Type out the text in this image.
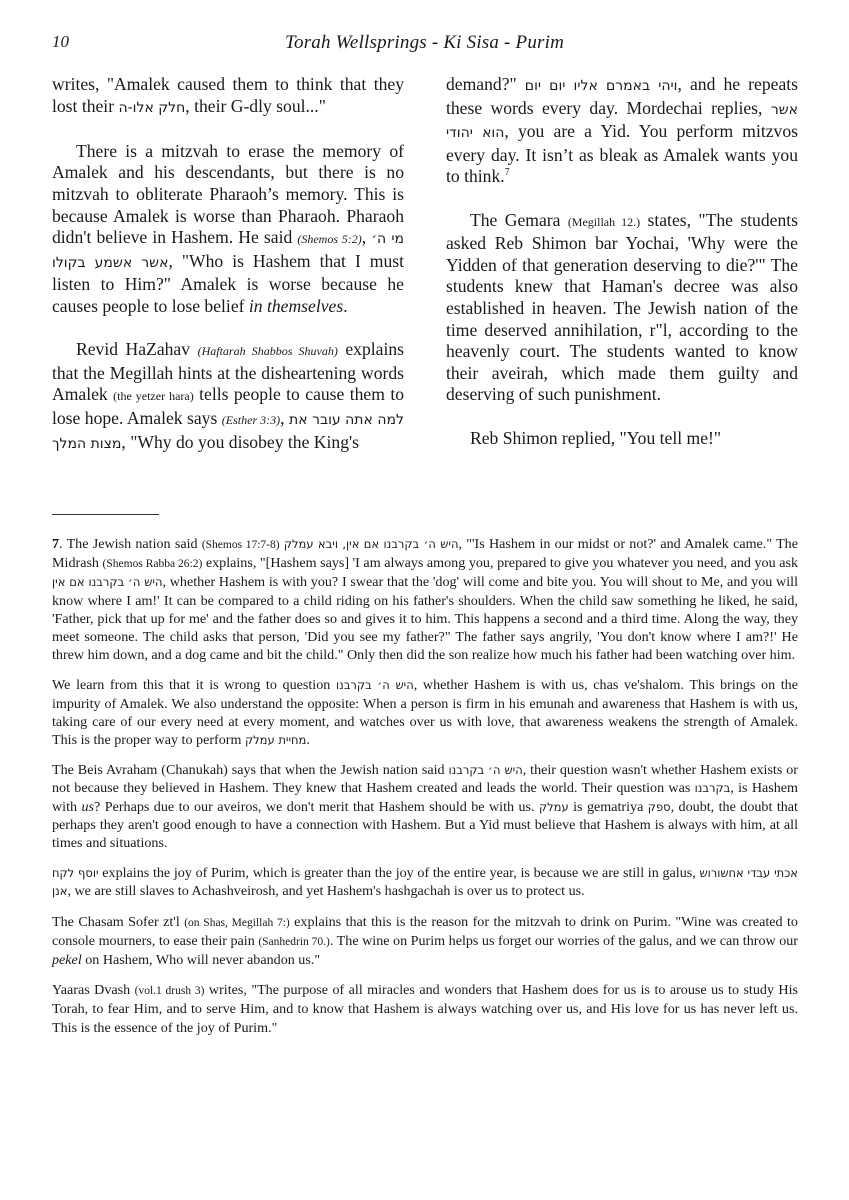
10	Torah Wellsprings - Ki Sisa - Purim

writes, "Amalek caused them to think that they lost their חלק אלו-ה, their G-dly soul..."

There is a mitzvah to erase the memory of Amalek and his descendants, but there is no mitzvah to obliterate Pharaoh’s memory. This is because Amalek is worse than Pharaoh. Pharaoh didn't believe in Hashem. He said (Shemos 5:2), מי ה׳ אשר אשמע בקולו, "Who is Hashem that I must listen to Him?" Amalek is worse because he causes people to lose belief in themselves.

Revid HaZahav (Haftarah Shabbos Shuvah) explains that the Megillah hints at the disheartening words Amalek (the yetzer hara) tells people to cause them to lose hope. Amalek says (Esther 3:3), למה אתה עובר את מצות המלך, "Why do you disobey the King's

demand?" ויהי באמרם אליו יום יום, and he repeats these words every day. Mordechai replies, אשר הוא יהודי, you are a Yid. You perform mitzvos every day. It isn’t as bleak as Amalek wants you to think.$^7$

The Gemara (Megillah 12.) states, "The students asked Reb Shimon bar Yochai, 'Why were the Yidden of that generation deserving to die?'" The students knew that Haman's decree was also established in heaven. The Jewish nation of the time deserved annihilation, r"l, according to the heavenly court. The students wanted to know their aveirah, which made them guilty and deserving of such punishment.

Reb Shimon replied, "You tell me!"

7. The Jewish nation said (Shemos 17:7-8) היש ה׳ בקרבנו אם אין, ויבא עמלק, "'Is Hashem in our midst or not?' and Amalek came." The Midrash (Shemos Rabba 26:2) explains, "[Hashem says] 'I am always among you, prepared to give you whatever you need, and you ask היש ה׳ בקרבנו אם אין, whether Hashem is with you? I swear that the 'dog' will come and bite you. You will shout to Me, and you will know where I am!' It can be compared to a child riding on his father's shoulders. When the child saw something he liked, he said, 'Father, pick that up for me' and the father does so and gives it to him. This happens a second and a third time. Along the way, they meet someone. The child asks that person, 'Did you see my father?" The father says angrily, 'You don't know where I am?!' He threw him down, and a dog came and bit the child." Only then did the son realize how much his father had been watching over him.

We learn from this that it is wrong to question היש ה׳ בקרבנו, whether Hashem is with us, chas ve'shalom. This brings on the impurity of Amalek. We also understand the opposite: When a person is firm in his emunah and awareness that Hashem is with us, taking care of our every need at every moment, and watches over us with love, that awareness weakens the strength of Amalek. This is the proper way to perform מחיית עמלק.

The Beis Avraham (Chanukah) says that when the Jewish nation said היש ה׳ בקרבנו, their question wasn't whether Hashem exists or not because they believed in Hashem. They knew that Hashem created and leads the world. Their question was בקרבנו, is Hashem with us? Perhaps due to our aveiros, we don't merit that Hashem should be with us. עמלק is gematriya ספק, doubt, the doubt that perhaps they aren't good enough to have a connection with Hashem. But a Yid must believe that Hashem is always with him, at all times and situations.

יוסף לקח explains the joy of Purim, which is greater than the joy of the entire year, is because we are still in galus, אכתי עבדי אחשורוש אנן, we are still slaves to Achashveirosh, and yet Hashem's hashgachah is over us to protect us.

The Chasam Sofer zt'l (on Shas, Megillah 7:) explains that this is the reason for the mitzvah to drink on Purim. "Wine was created to console mourners, to ease their pain (Sanhedrin 70.). The wine on Purim helps us forget our worries of the galus, and we can throw our pekel on Hashem, Who will never abandon us."

Yaaras Dvash (vol.1 drush 3) writes, "The purpose of all miracles and wonders that Hashem does for us is to arouse us to study His Torah, to fear Him, and to serve Him, and to know that Hashem is always watching over us, and His love for us has never left us. This is the essence of the joy of Purim."
